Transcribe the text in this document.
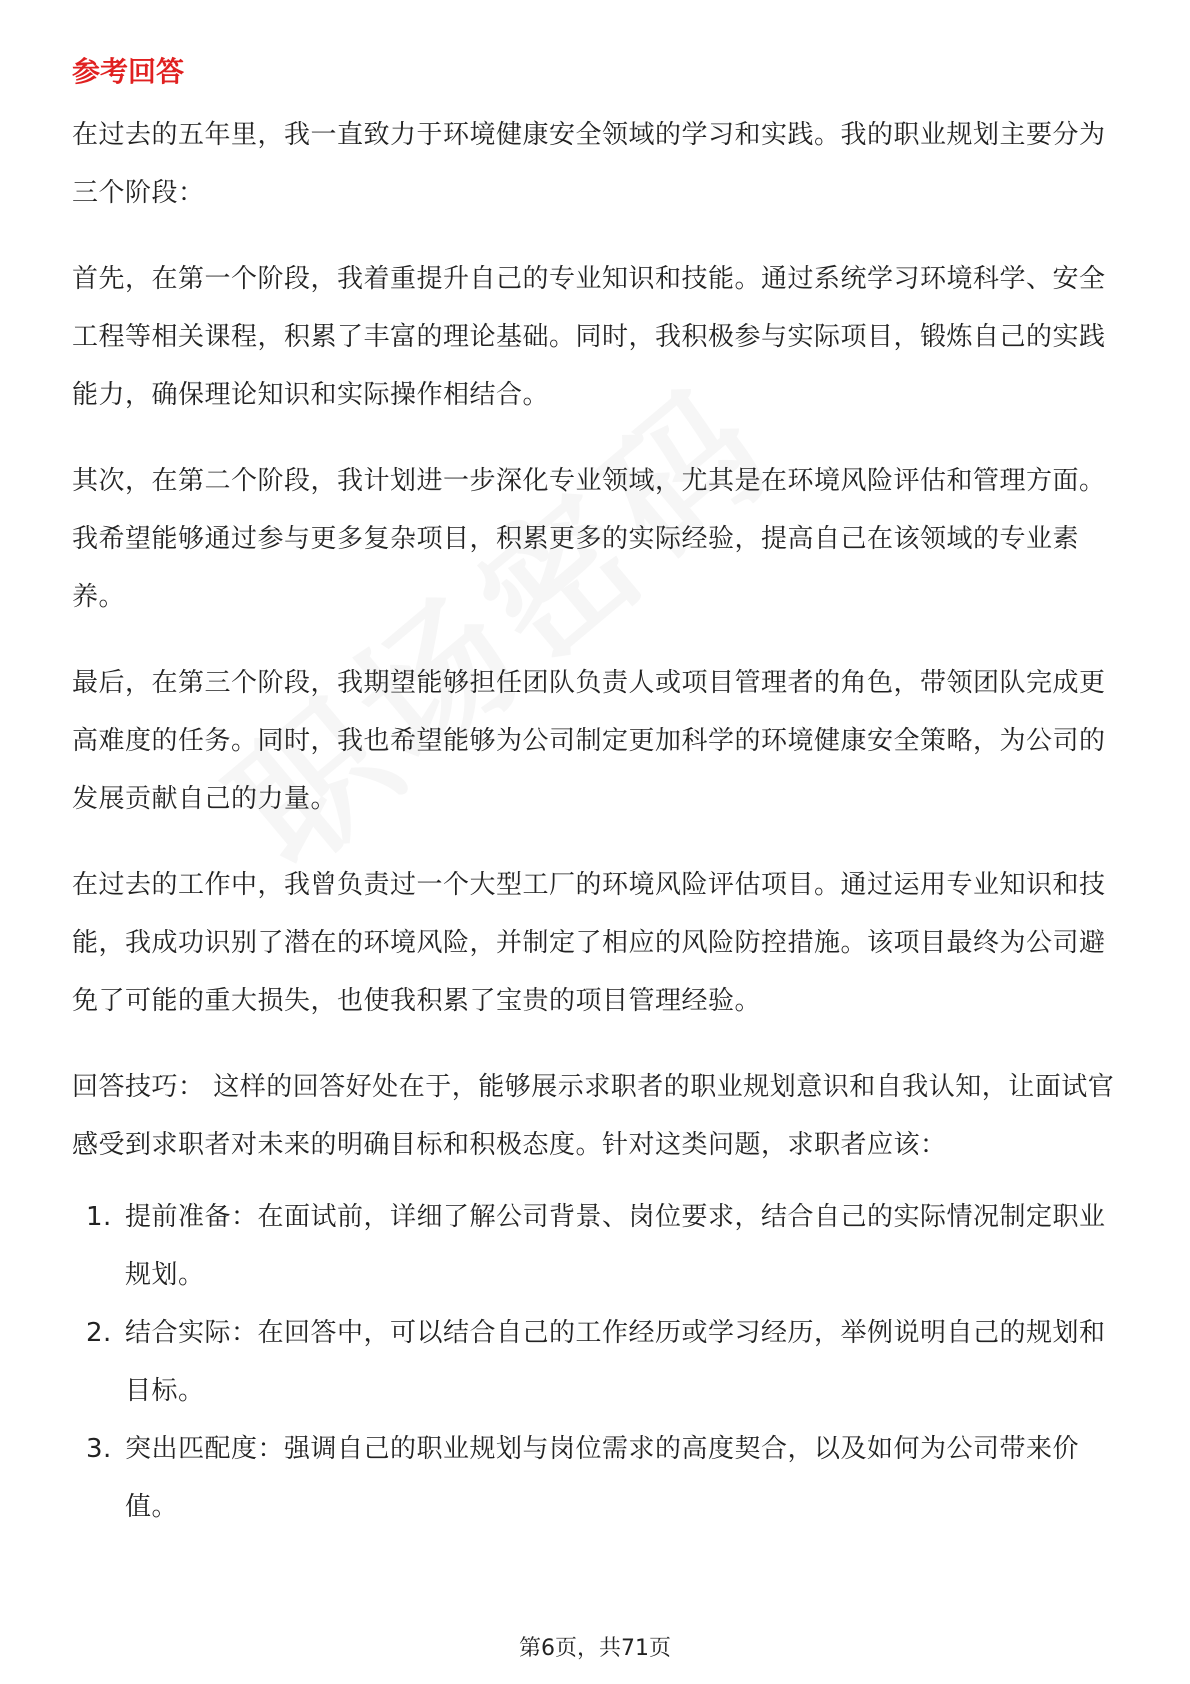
参考回答

在过去的五年里，我一直致力于环境健康安全领域的学习和实践。我的职业规划主要分为三个阶段：

首先，在第一个阶段，我着重提升自己的专业知识和技能。通过系统学习环境科学、安全工程等相关课程，积累了丰富的理论基础。同时，我积极参与实际项目，锻炼自己的实践能力，确保理论知识和实际操作相结合。

其次，在第二个阶段，我计划进一步深化专业领域，尤其是在环境风险评估和管理方面。我希望能够通过参与更多复杂项目，积累更多的实际经验，提高自己在该领域的专业素养。

最后，在第三个阶段，我期望能够担任团队负责人或项目管理者的角色，带领团队完成更高难度的任务。同时，我也希望能够为公司制定更加科学的环境健康安全策略，为公司的发展贡献自己的力量。

在过去的工作中，我曾负责过一个大型工厂的环境风险评估项目。通过运用专业知识和技能，我成功识别了潜在的环境风险，并制定了相应的风险防控措施。该项目最终为公司避免了可能的重大损失，也使我积累了宝贵的项目管理经验。

回答技巧： 这样的回答好处在于，能够展示求职者的职业规划意识和自我认知，让面试官感受到求职者对未来的明确目标和积极态度。针对这类问题，求职者应该：

1. 提前准备：在面试前，详细了解公司背景、岗位要求，结合自己的实际情况制定职业规划。
2. 结合实际：在回答中，可以结合自己的工作经历或学习经历，举例说明自己的规划和目标。
3. 突出匹配度：强调自己的职业规划与岗位需求的高度契合，以及如何为公司带来价值。
第6页，共71页
